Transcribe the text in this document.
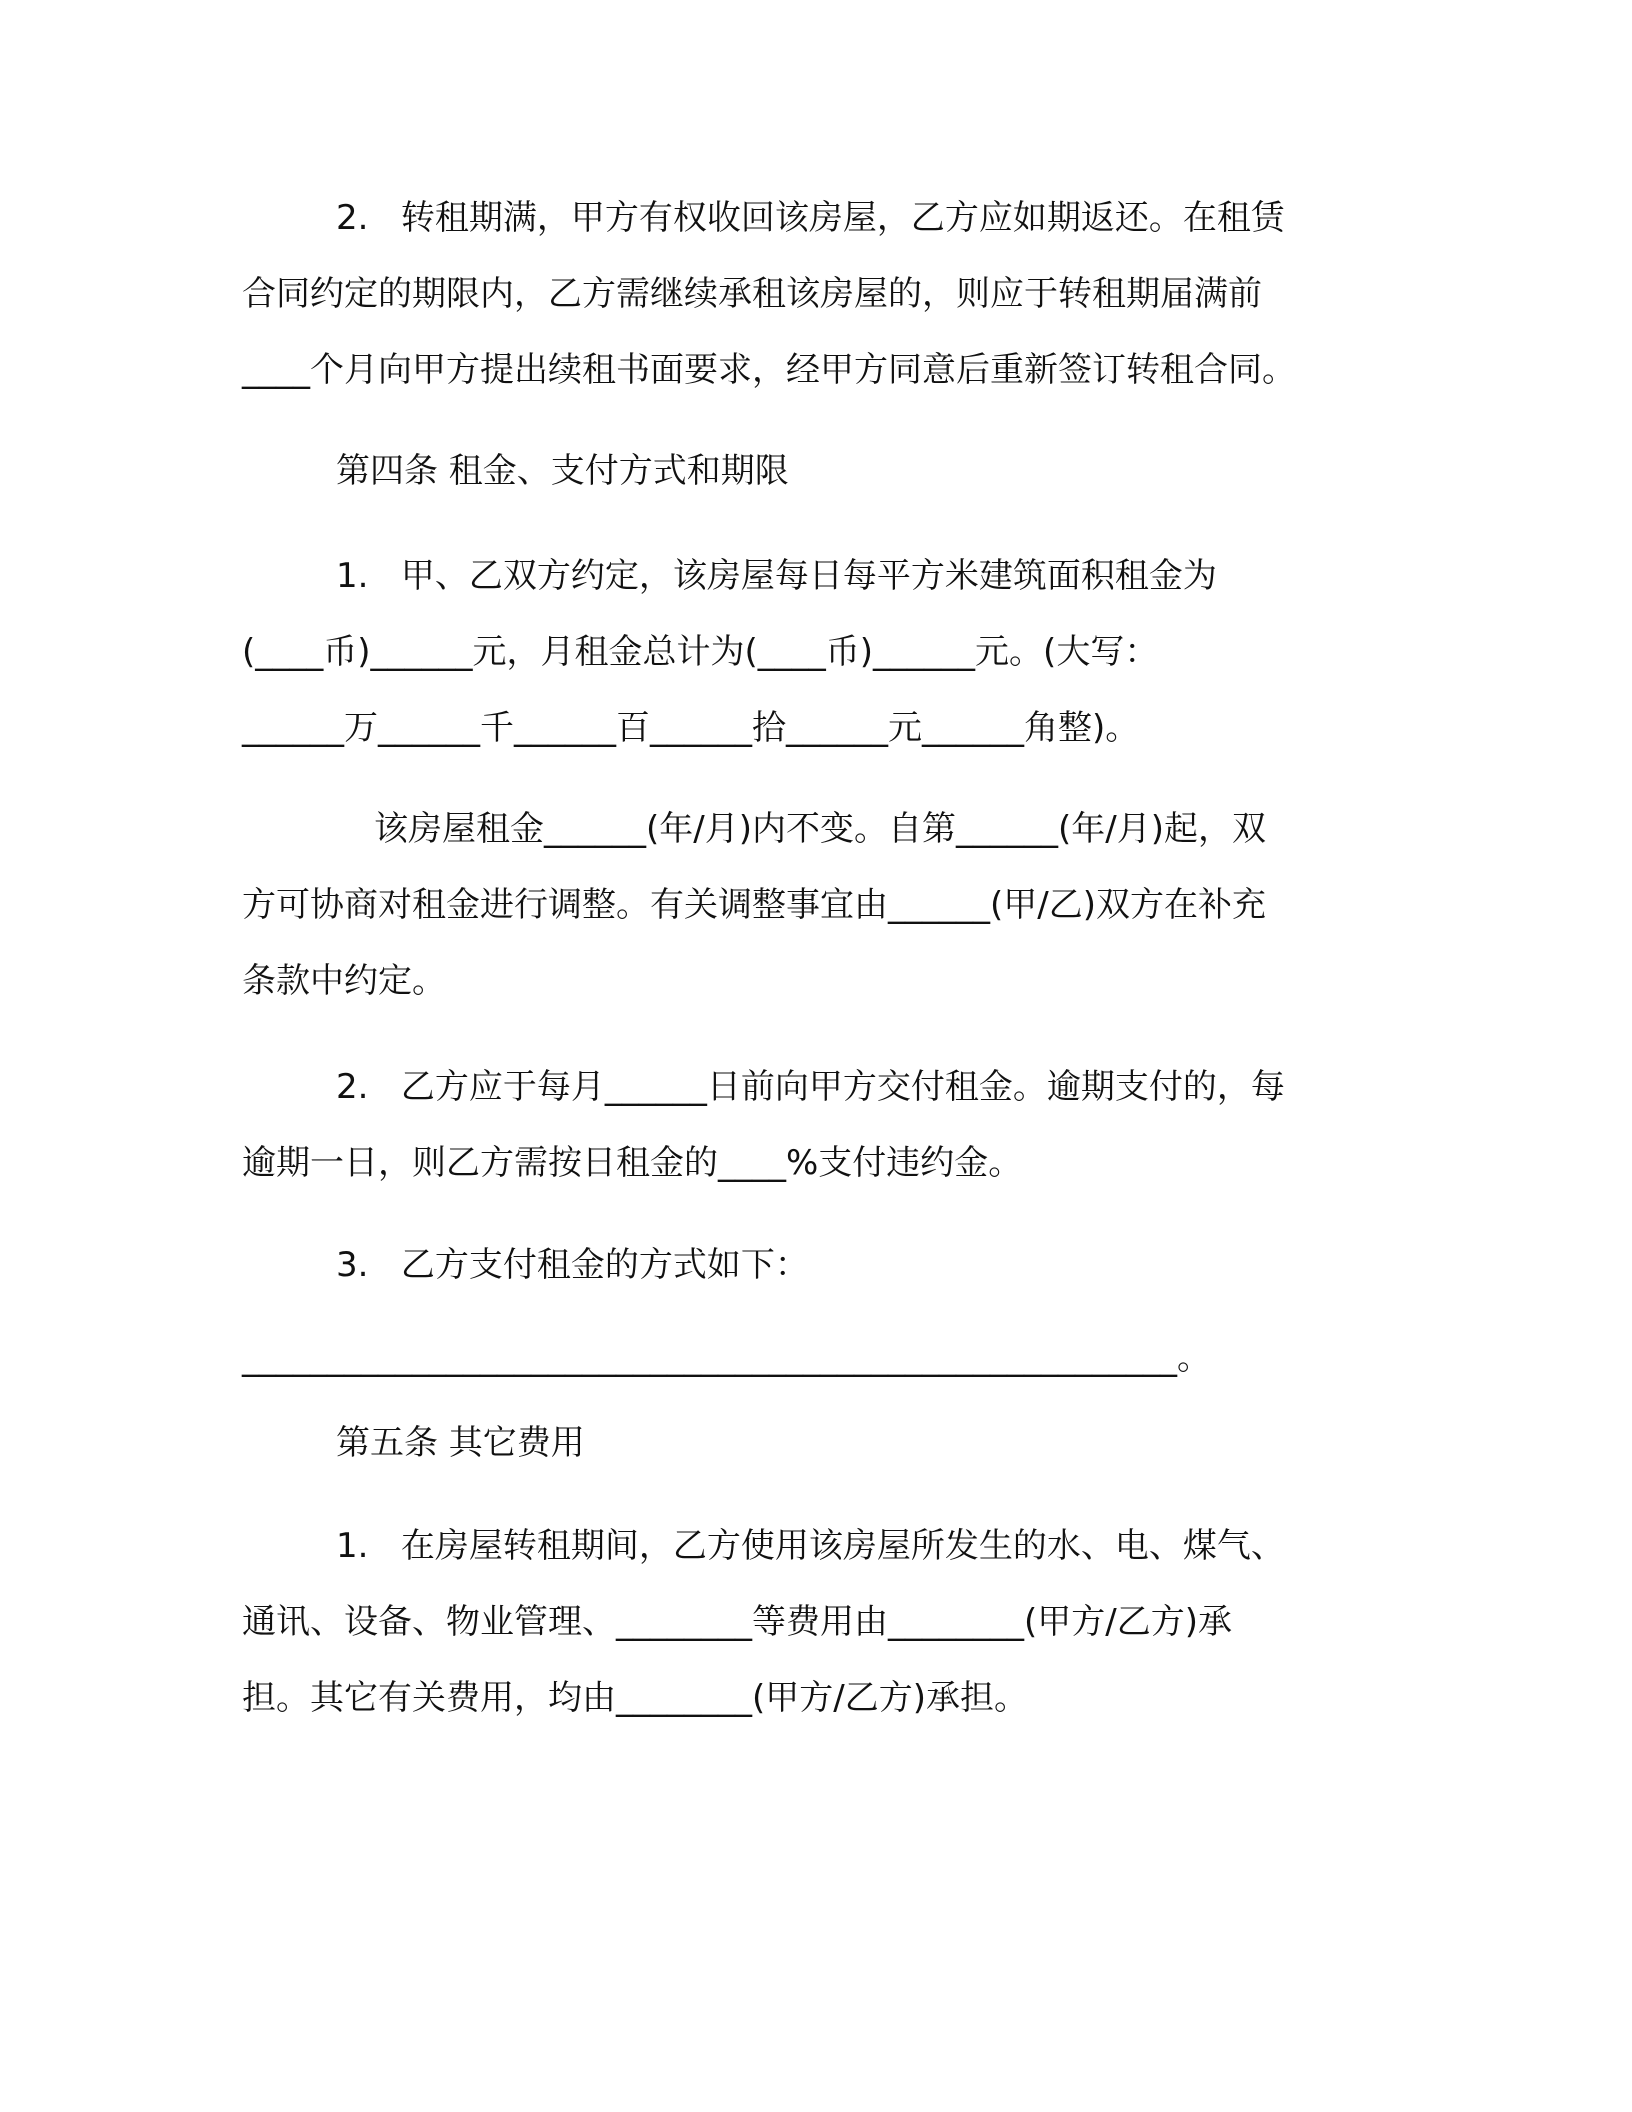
2.   转租期满，甲方有权收回该房屋，乙方应如期返还。在租赁
合同约定的期限内，乙方需继续承租该房屋的，则应于转租期届满前
____个月向甲方提出续租书面要求，经甲方同意后重新签订转租合同。
第四条 租金、支付方式和期限
1.   甲、乙双方约定，该房屋每日每平方米建筑面积租金为
(____币)______元，月租金总计为(____币)______元。(大写：
______万______千______百______拾______元______角整)。
该房屋租金______(年/月)内不变。自第______(年/月)起，双
方可协商对租金进行调整。有关调整事宜由______(甲/乙)双方在补充
条款中约定。
2.   乙方应于每月______日前向甲方交付租金。逾期支付的，每
逾期一日，则乙方需按日租金的____%支付违约金。
3.   乙方支付租金的方式如下：
_______________________________________________________。
第五条 其它费用
1.   在房屋转租期间，乙方使用该房屋所发生的水、电、煤气、
通讯、设备、物业管理、________等费用由________(甲方/乙方)承
担。其它有关费用，均由________(甲方/乙方)承担。
